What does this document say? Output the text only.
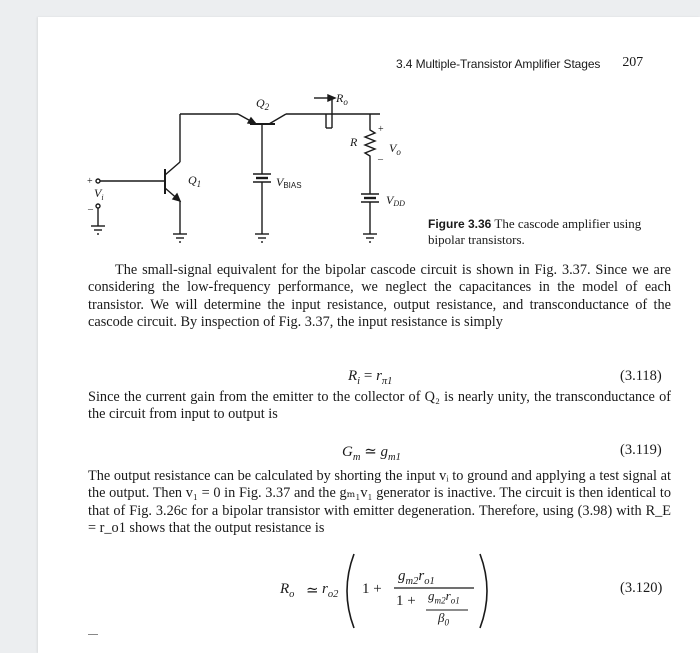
3.4 Multiple-Transistor Amplifier Stages 207
$Q_2$
$Q_1$
$R_o$
R	$V_o$
+
–
VBIAS
VDD
$V_i$
+
–
Figure 3.36 The cascode amplifier using bipolar transistors.
The small-signal equivalent for the bipolar cascode circuit is shown in Fig. 3.37. Since we are considering the low-frequency performance, we neglect the capacitances in the model of each transistor. We will determine the input resistance, output resistance, and transconductance of the cascode circuit. By inspection of Fig. 3.37, the input resistance is simply
$R_i = r_{\pi 1}$	(3.118)
Since the current gain from the emitter to the collector of Q₂ is nearly unity, the transconductance of the circuit from input to output is
$G_m$ ≃ $g_{m1}$	(3.119)
The output resistance can be calculated by shorting the input vᵢ to ground and applying a test signal at the output. Then v₁ = 0 in Fig. 3.37 and the gₘ₁v₁ generator is inactive. The circuit is then identical to that of Fig. 3.26c for a bipolar transistor with emitter degeneration. Therefore, using (3.98) with R_E = r_o1 shows that the output resistance is
$R_o$ ≃ $r_{o2}$ 1 +
$g_{m2}r_{o1}$
$1 + g_{m2}r_{o1}$
$\beta_0$
(3.120)
